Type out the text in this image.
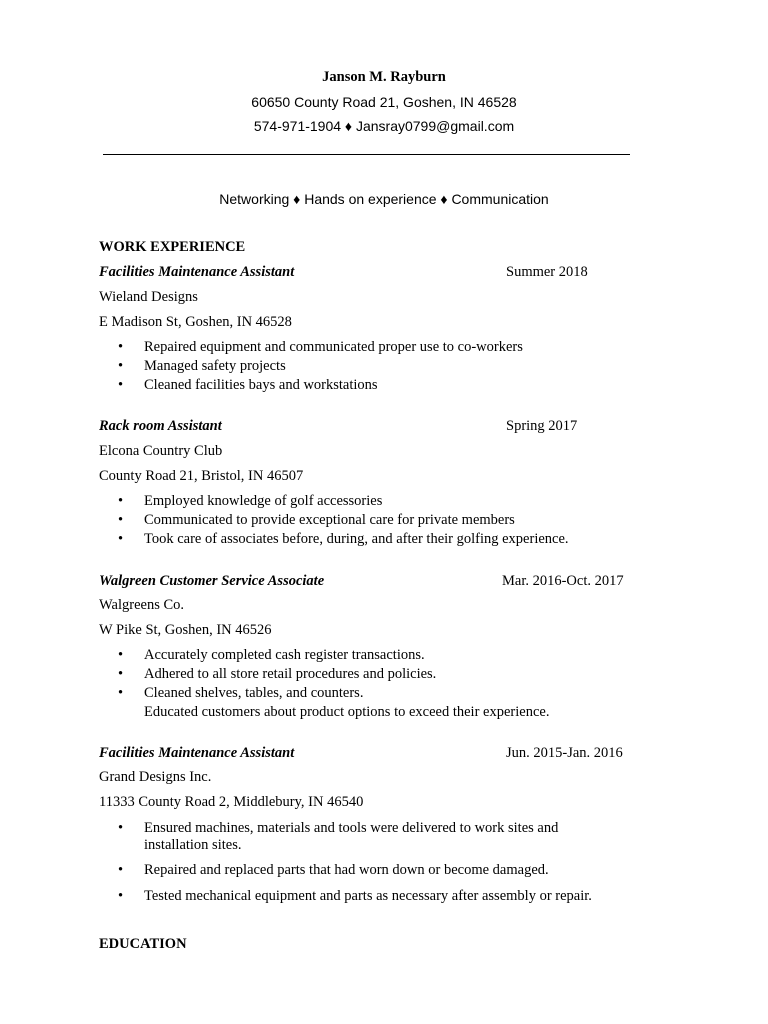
Janson M. Rayburn
60650 County Road 21, Goshen, IN 46528
574-971-1904 ♦ Jansray0799@gmail.com
Networking ♦ Hands on experience ♦ Communication
WORK EXPERIENCE
Facilities Maintenance Assistant	Summer 2018
Wieland Designs
E Madison St, Goshen, IN 46528
•	Repaired equipment and communicated proper use to co-workers
•	Managed safety projects
•	Cleaned facilities bays and workstations
Rack room Assistant	Spring 2017
Elcona Country Club
County Road 21, Bristol, IN 46507
•	Employed knowledge of golf accessories
•	Communicated to provide exceptional care for private members
•	Took care of associates before, during, and after their golfing experience.
Walgreen Customer Service Associate	Mar. 2016-Oct. 2017
Walgreens Co.
W Pike St, Goshen, IN 46526
•	Accurately completed cash register transactions.
•	Adhered to all store retail procedures and policies.
•	Cleaned shelves, tables, and counters.
Educated customers about product options to exceed their experience.
Facilities Maintenance Assistant	Jun. 2015-Jan. 2016
Grand Designs Inc.
11333 County Road 2, Middlebury, IN 46540
•	Ensured machines, materials and tools were delivered to work sites and
installation sites.
•	Repaired and replaced parts that had worn down or become damaged.
•	Tested mechanical equipment and parts as necessary after assembly or repair.
EDUCATION
